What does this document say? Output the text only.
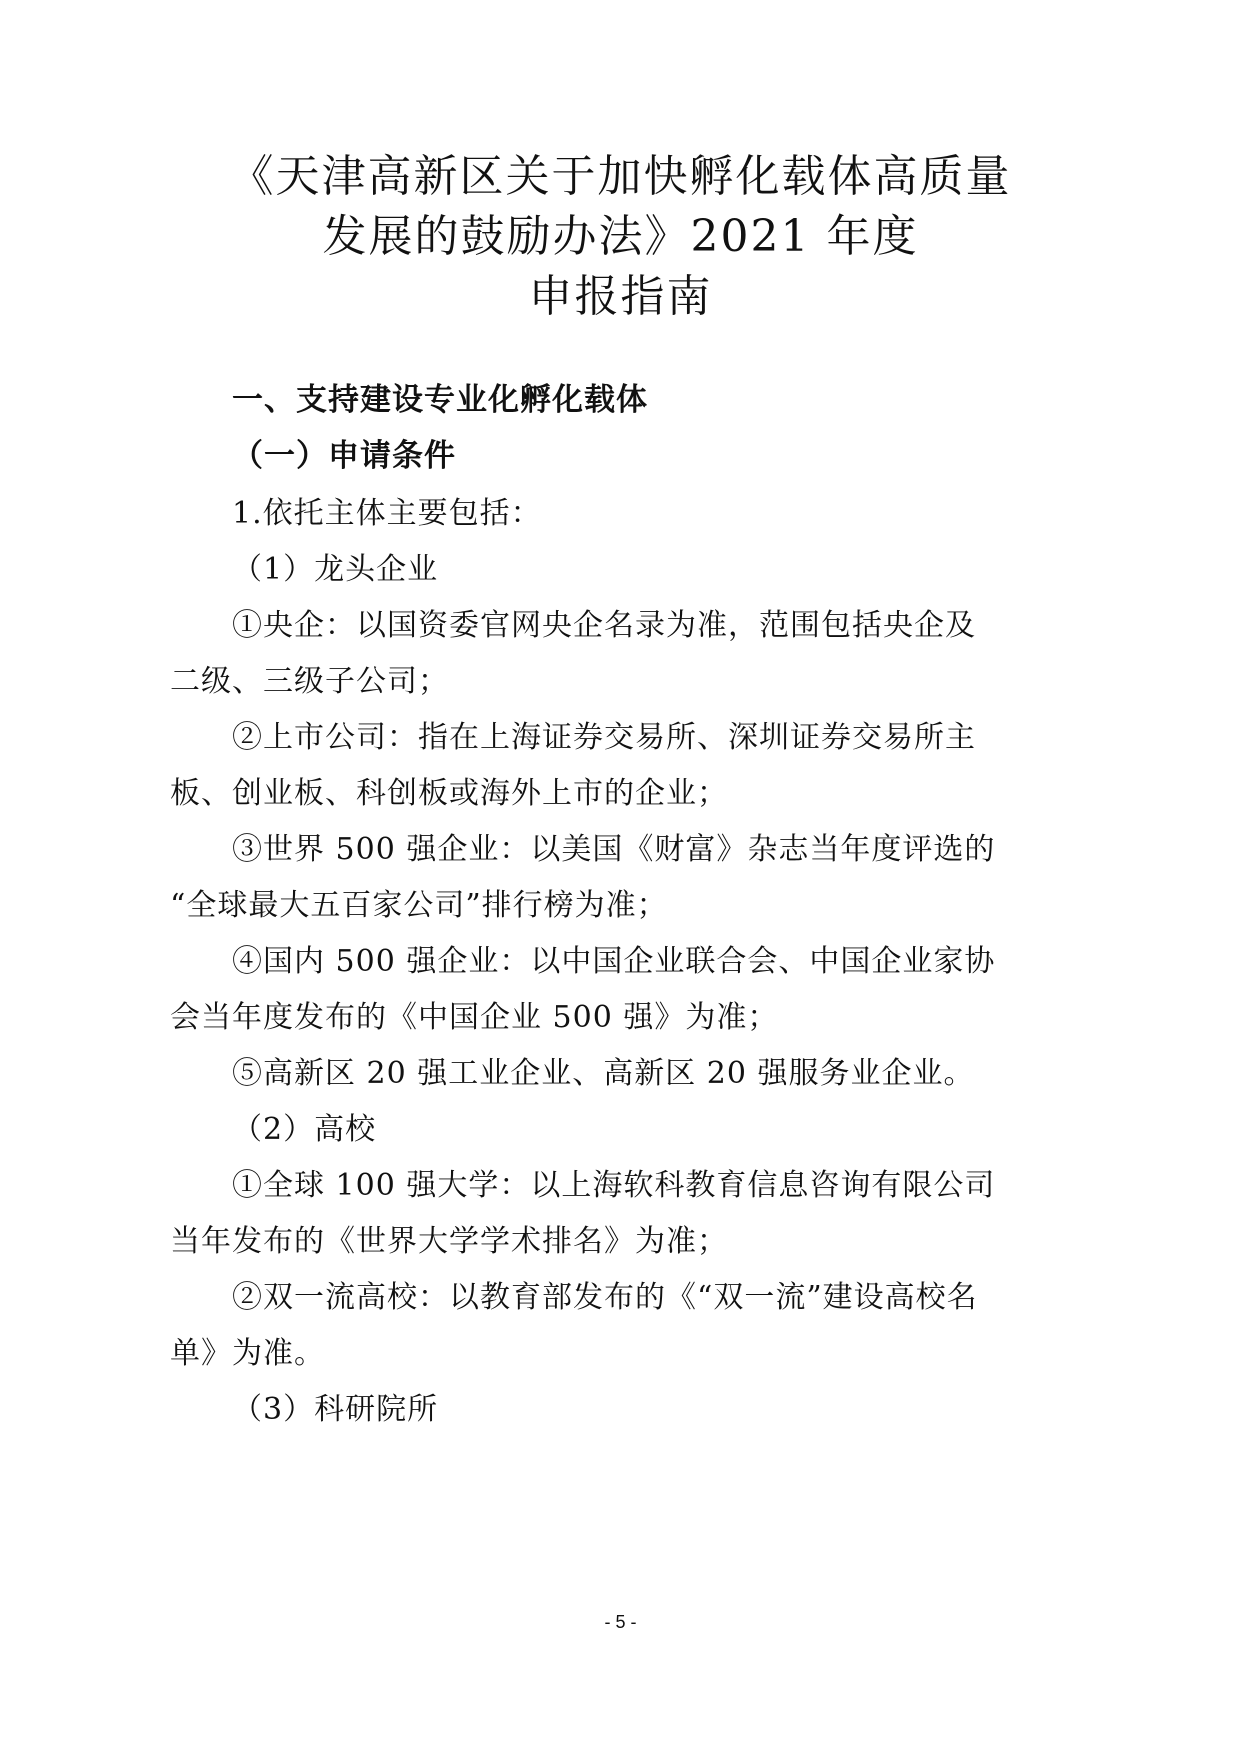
《天津高新区关于加快孵化载体高质量
发展的鼓励办法》2021 年度
申报指南
一、支持建设专业化孵化载体
（一）申请条件
1.依托主体主要包括：
（1）龙头企业
①央企：以国资委官网央企名录为准，范围包括央企及
二级、三级子公司；
②上市公司：指在上海证券交易所、深圳证券交易所主
板、创业板、科创板或海外上市的企业；
③世界 500 强企业：以美国《财富》杂志当年度评选的
“全球最大五百家公司”排行榜为准；
④国内 500 强企业：以中国企业联合会、中国企业家协
会当年度发布的《中国企业 500 强》为准；
⑤高新区 20 强工业企业、高新区 20 强服务业企业。
（2）高校
①全球 100 强大学：以上海软科教育信息咨询有限公司
当年发布的《世界大学学术排名》为准；
②双一流高校：以教育部发布的《“双一流”建设高校名
单》为准。
（3）科研院所
- 5 -
